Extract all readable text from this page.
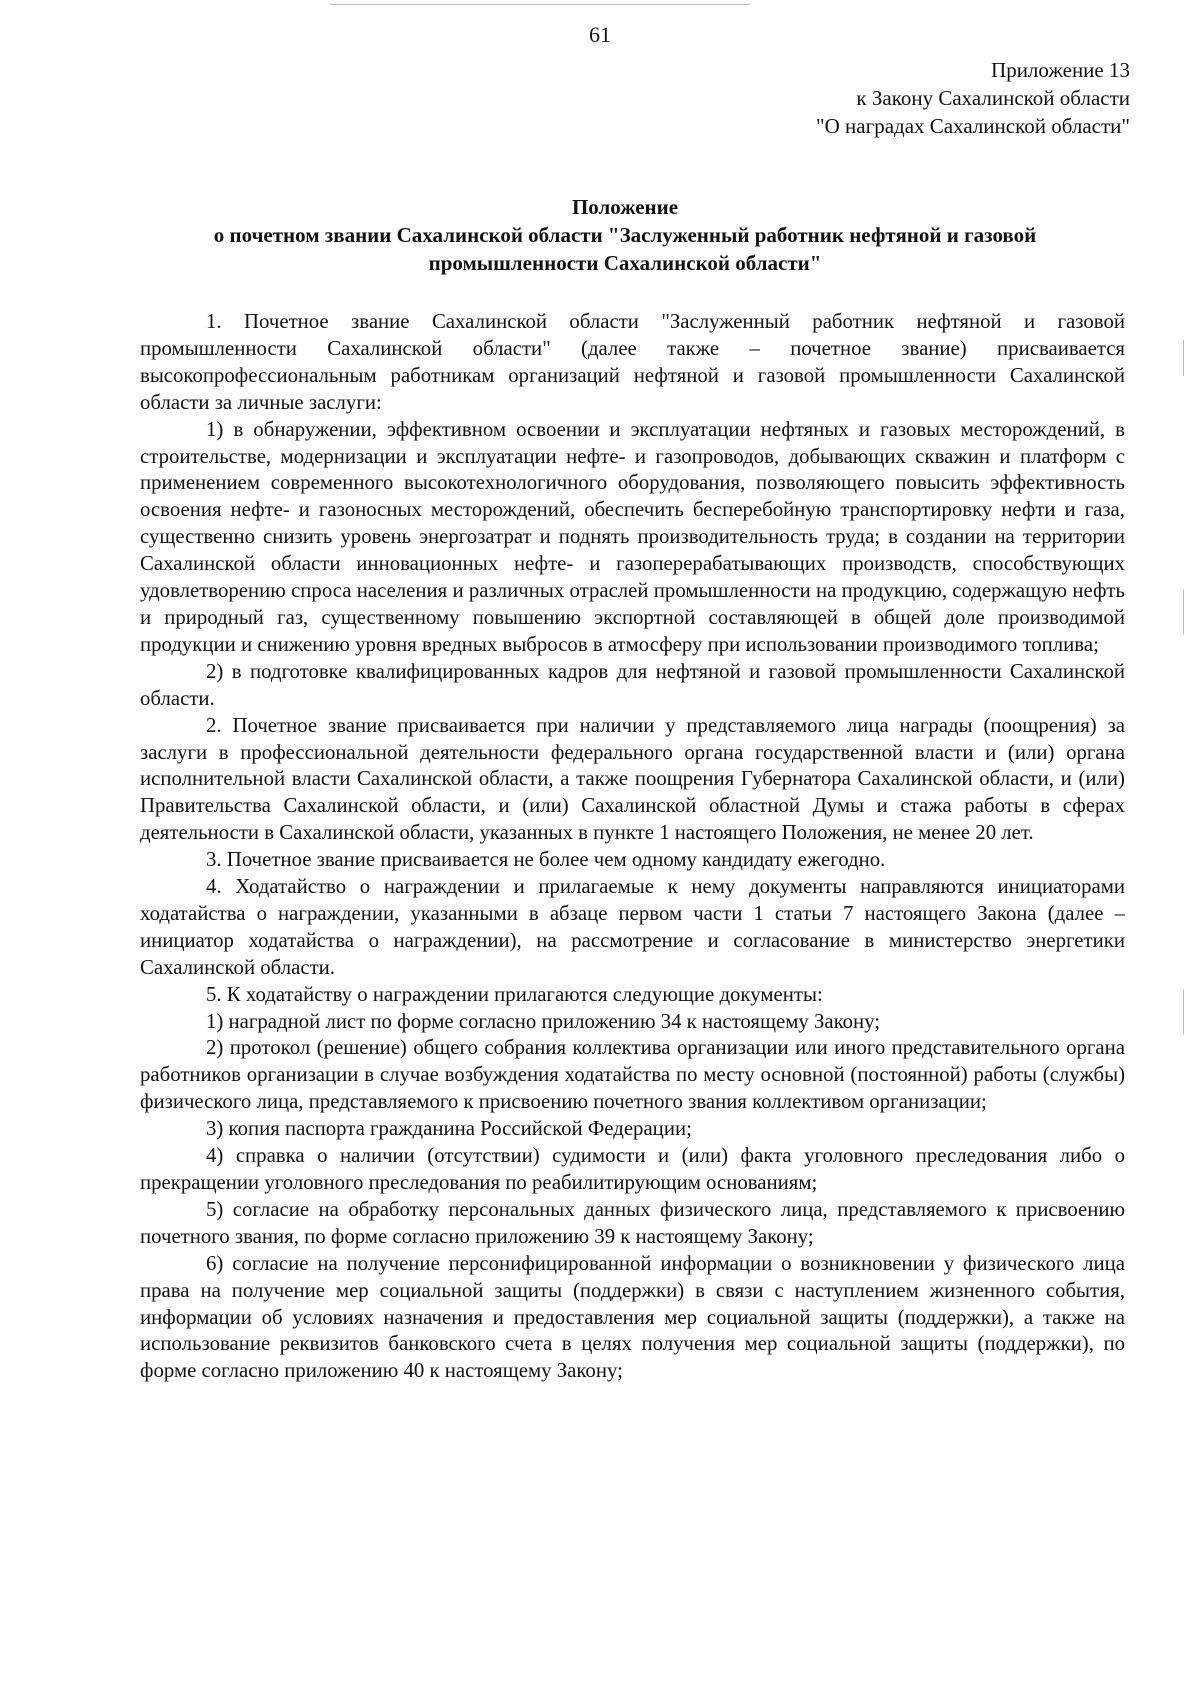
61
Приложение 13
к Закону Сахалинской области
"О наградах Сахалинской области"
Положение
о почетном звании Сахалинской области "Заслуженный работник нефтяной и газовой
промышленности Сахалинской области"

1. Почетное звание Сахалинской области "Заслуженный работник нефтяной и газовой промышленности Сахалинской области" (далее также – почетное звание) присваивается высокопрофессиональным работникам организаций нефтяной и газовой промышленности Сахалинской области за личные заслуги:

1) в обнаружении, эффективном освоении и эксплуатации нефтяных и газовых месторождений, в строительстве, модернизации и эксплуатации нефте- и газопроводов, добывающих скважин и платформ с применением современного высокотехнологичного оборудования, позволяющего повысить эффективность освоения нефте- и газоносных месторождений, обеспечить бесперебойную транспортировку нефти и газа, существенно снизить уровень энергозатрат и поднять производительность труда; в создании на территории Сахалинской области инновационных нефте- и газоперерабатывающих производств, способствующих удовлетворению спроса населения и различных отраслей промышленности на продукцию, содержащую нефть и природный газ, существенному повышению экспортной составляющей в общей доле производимой продукции и снижению уровня вредных выбросов в атмосферу при использовании производимого топлива;

2) в подготовке квалифицированных кадров для нефтяной и газовой промышленности Сахалинской области.

2. Почетное звание присваивается при наличии у представляемого лица награды (поощрения) за заслуги в профессиональной деятельности федерального органа государственной власти и (или) органа исполнительной власти Сахалинской области, а также поощрения Губернатора Сахалинской области, и (или) Правительства Сахалинской области, и (или) Сахалинской областной Думы и стажа работы в сферах деятельности в Сахалинской области, указанных в пункте 1 настоящего Положения, не менее 20 лет.

3. Почетное звание присваивается не более чем одному кандидату ежегодно.

4. Ходатайство о награждении и прилагаемые к нему документы направляются инициаторами ходатайства о награждении, указанными в абзаце первом части 1 статьи 7 настоящего Закона (далее – инициатор ходатайства о награждении), на рассмотрение и согласование в министерство энергетики Сахалинской области.

5. К ходатайству о награждении прилагаются следующие документы:

1) наградной лист по форме согласно приложению 34 к настоящему Закону;

2) протокол (решение) общего собрания коллектива организации или иного представительного органа работников организации в случае возбуждения ходатайства по месту основной (постоянной) работы (службы) физического лица, представляемого к присвоению почетного звания коллективом организации;

3) копия паспорта гражданина Российской Федерации;

4) справка о наличии (отсутствии) судимости и (или) факта уголовного преследования либо о прекращении уголовного преследования по реабилитирующим основаниям;

5) согласие на обработку персональных данных физического лица, представляемого к присвоению почетного звания, по форме согласно приложению 39 к настоящему Закону;

6) согласие на получение персонифицированной информации о возникновении у физического лица права на получение мер социальной защиты (поддержки) в связи с наступлением жизненного события, информации об условиях назначения и предоставления мер социальной защиты (поддержки), а также на использование реквизитов банковского счета в целях получения мер социальной защиты (поддержки), по форме согласно приложению 40 к настоящему Закону;
